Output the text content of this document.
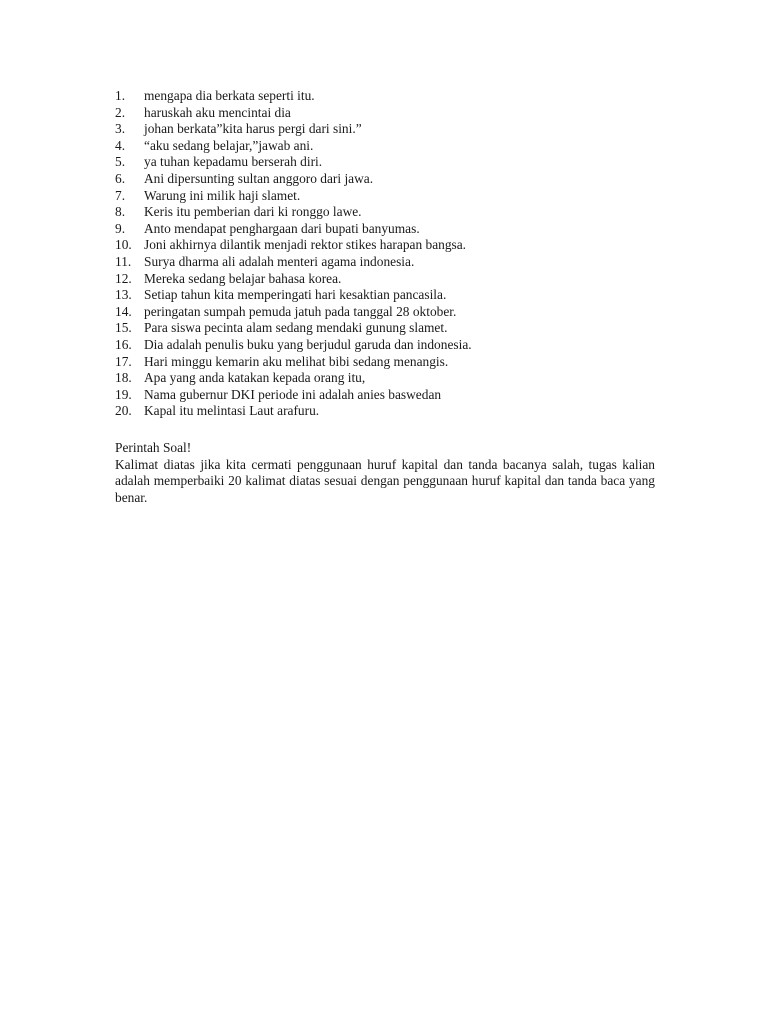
1.	mengapa dia berkata seperti itu.
2.	haruskah aku mencintai dia
3.	johan berkata”kita harus pergi dari sini.”
4.	“aku sedang belajar,”jawab ani.
5.	ya tuhan kepadamu berserah diri.
6.	Ani dipersunting sultan anggoro dari jawa.
7.	Warung ini milik haji slamet.
8.	Keris itu pemberian dari ki ronggo lawe.
9.	Anto mendapat penghargaan dari bupati banyumas.
10. Joni akhirnya dilantik menjadi rektor stikes harapan bangsa.
11. Surya dharma ali adalah menteri agama indonesia.
12. Mereka sedang belajar bahasa korea.
13. Setiap tahun kita memperingati hari kesaktian pancasila.
14. peringatan sumpah pemuda jatuh pada tanggal 28 oktober.
15. Para siswa pecinta alam sedang mendaki gunung slamet.
16. Dia adalah penulis buku yang berjudul garuda dan indonesia.
17. Hari minggu kemarin aku melihat bibi sedang menangis.
18. Apa yang anda katakan kepada orang itu,
19. Nama gubernur DKI periode ini adalah anies baswedan
20. Kapal itu melintasi Laut arafuru.

Perintah Soal!

Kalimat diatas jika kita cermati penggunaan huruf kapital dan tanda bacanya salah, tugas kalian adalah memperbaiki 20 kalimat diatas sesuai dengan penggunaan huruf kapital dan tanda baca yang benar.
